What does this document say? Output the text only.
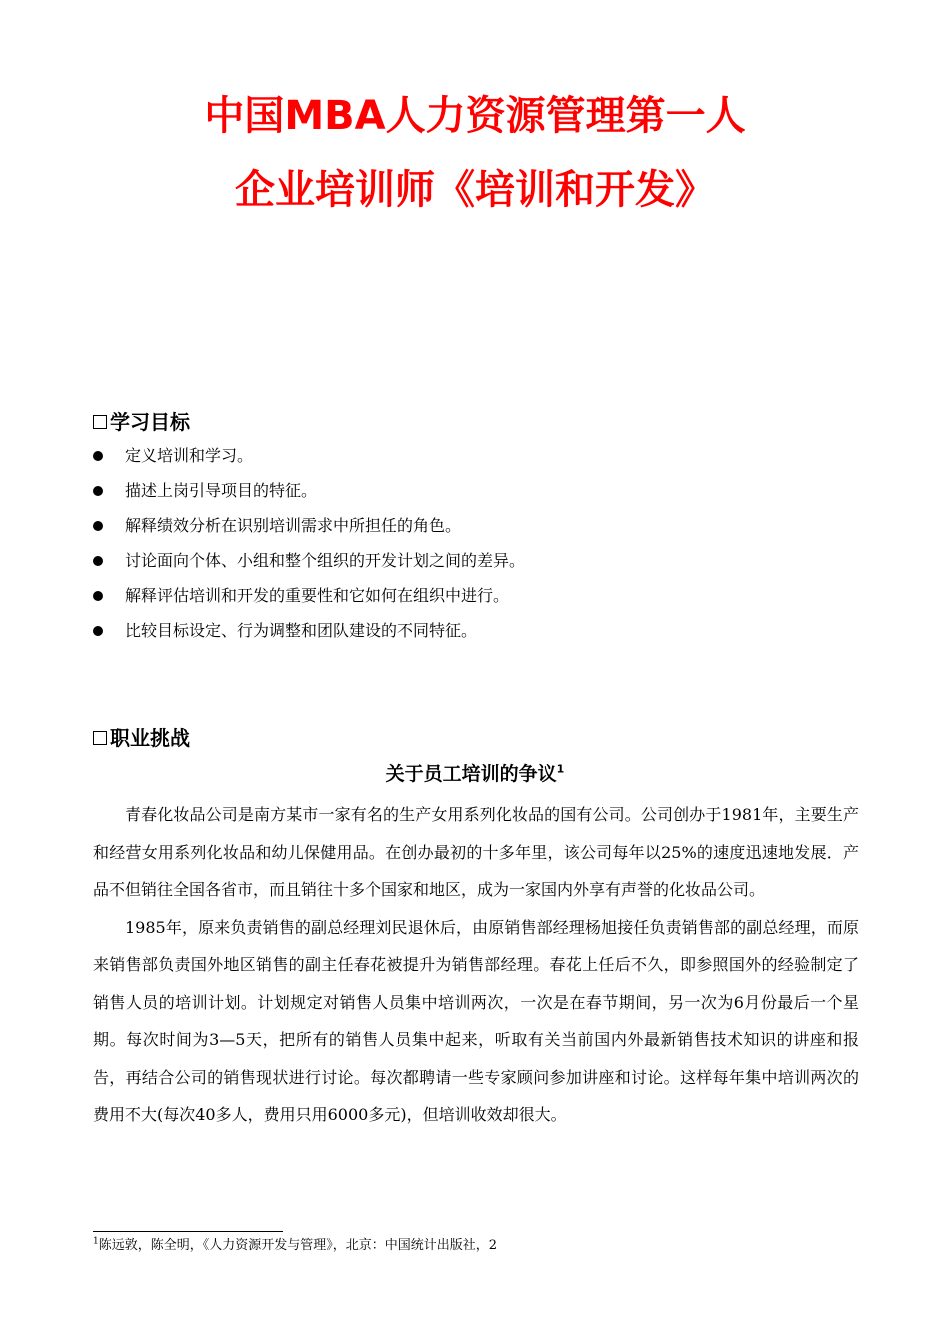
中国MBA人力资源管理第一人
企业培训师《培训和开发》
学习目标
定义培训和学习。
描述上岗引导项目的特征。
解释绩效分析在识别培训需求中所担任的角色。
讨论面向个体、小组和整个组织的开发计划之间的差异。
解释评估培训和开发的重要性和它如何在组织中进行。
比较目标设定、行为调整和团队建设的不同特征。
职业挑战
关于员工培训的争议$^1$

青春化妆品公司是南方某市一家有名的生产女用系列化妆品的国有公司。公司创办于1981年，主要生产和经营女用系列化妆品和幼儿保健用品。在创办最初的十多年里，该公司每年以25%的速度迅速地发展．产品不但销往全国各省市，而且销往十多个国家和地区，成为一家国内外享有声誉的化妆品公司。

1985年，原来负责销售的副总经理刘民退休后，由原销售部经理杨旭接任负责销售部的副总经理，而原来销售部负责国外地区销售的副主任春花被提升为销售部经理。春花上任后不久，即参照国外的经验制定了销售人员的培训计划。计划规定对销售人员集中培训两次，一次是在春节期间，另一次为6月份最后一个星期。每次时间为3—5天，把所有的销售人员集中起来，听取有关当前国内外最新销售技术知识的讲座和报告，再结合公司的销售现状进行讨论。每次都聘请一些专家顾问参加讲座和讨论。这样每年集中培训两次的费用不大(每次40多人，费用只用6000多元)，但培训收效却很大。

$^1$陈远敦，陈全明，《人力资源开发与管理》，北京：中国统计出版社，2
